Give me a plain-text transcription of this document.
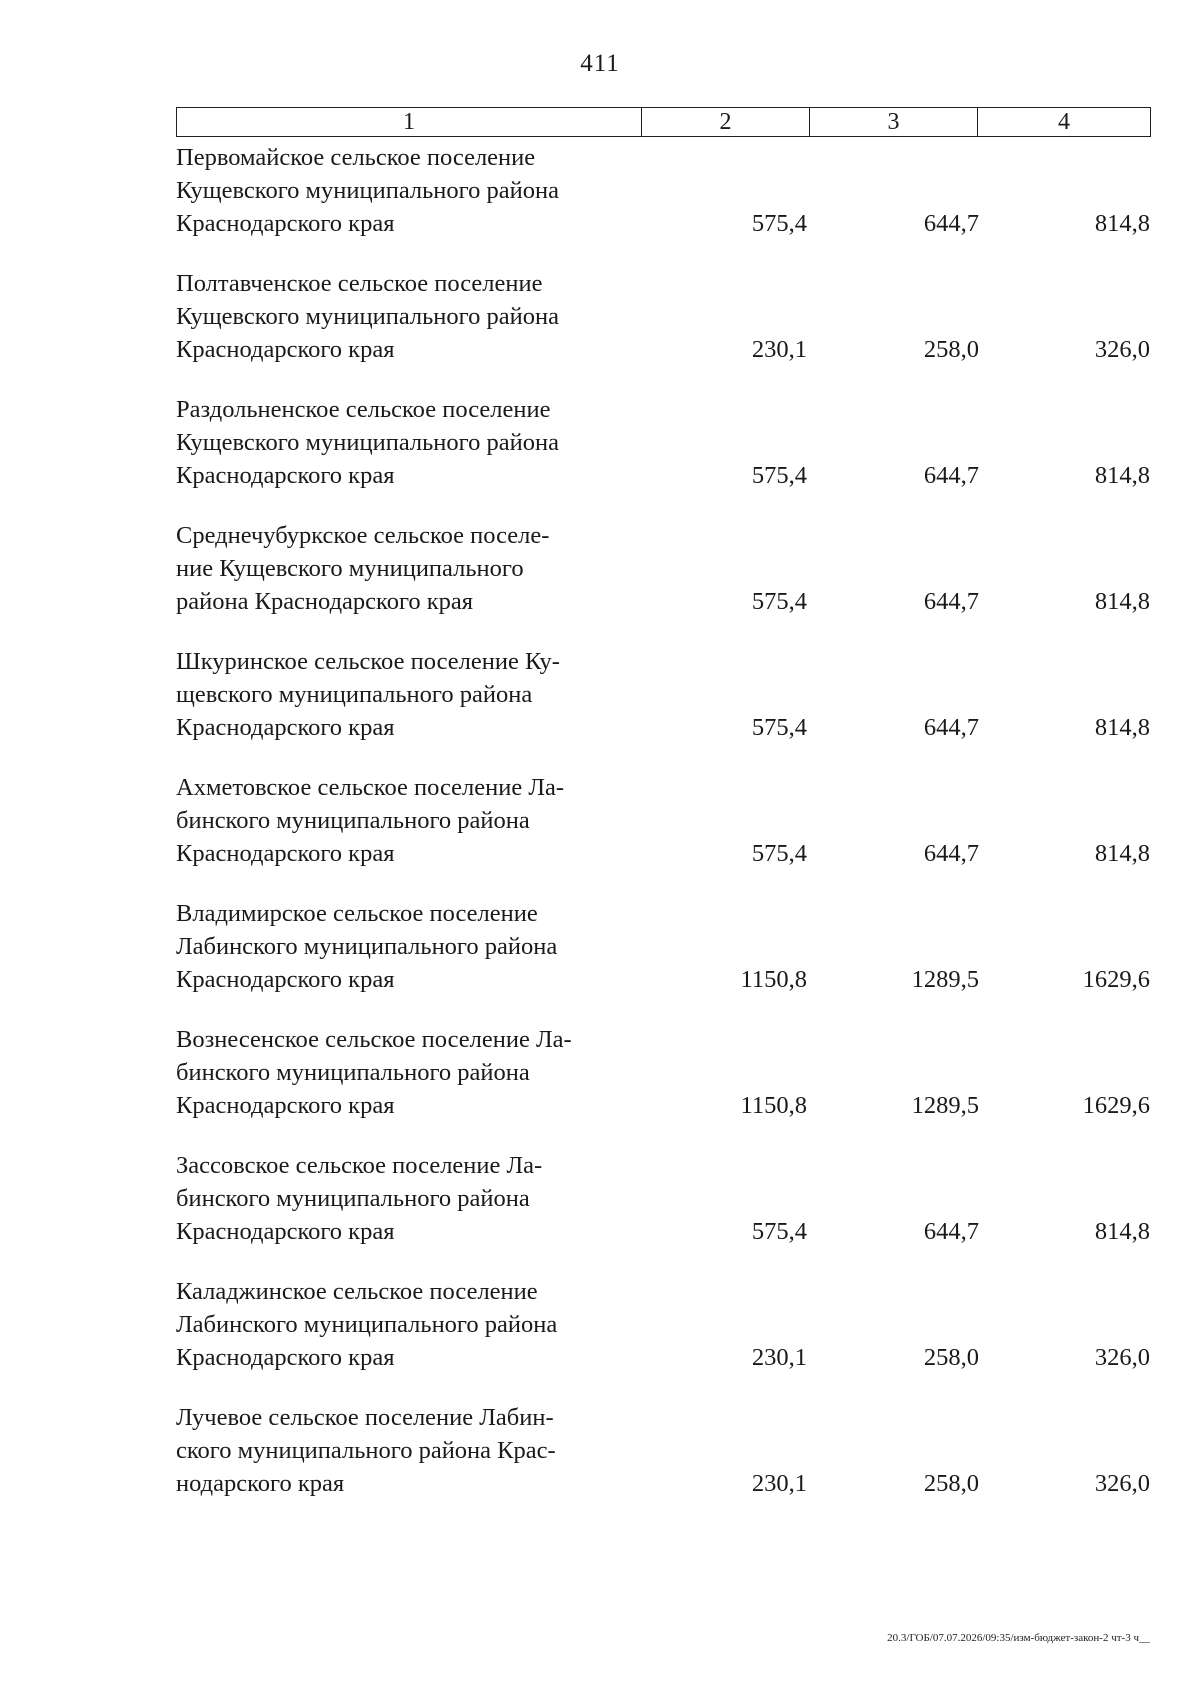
411
1	2	3	4
Первомайское сельское поселение
Кущевского муниципального района
Краснодарского края	575,4	644,7	814,8
Полтавченское сельское поселение
Кущевского муниципального района
Краснодарского края	230,1	258,0	326,0
Раздольненское сельское поселение
Кущевского муниципального района
Краснодарского края	575,4	644,7	814,8
Среднечубуркское сельское поселе-
ние Кущевского муниципального
района Краснодарского края	575,4	644,7	814,8
Шкуринское сельское поселение Ку-
щевского муниципального района
Краснодарского края	575,4	644,7	814,8
Ахметовское сельское поселение Ла-
бинского муниципального района
Краснодарского края	575,4	644,7	814,8
Владимирское сельское поселение
Лабинского муниципального района
Краснодарского края	1150,8	1289,5	1629,6
Вознесенское сельское поселение Ла-
бинского муниципального района
Краснодарского края	1150,8	1289,5	1629,6
Зассовское сельское поселение Ла-
бинского муниципального района
Краснодарского края	575,4	644,7	814,8
Каладжинское сельское поселение
Лабинского муниципального района
Краснодарского края	230,1	258,0	326,0
Лучевое сельское поселение Лабин-
ского муниципального района Крас-
нодарского края	230,1	258,0	326,0
20.3/ГОБ/07.07.2026/09:35/изм-бюджет-закон-2 чт-3 ч__
